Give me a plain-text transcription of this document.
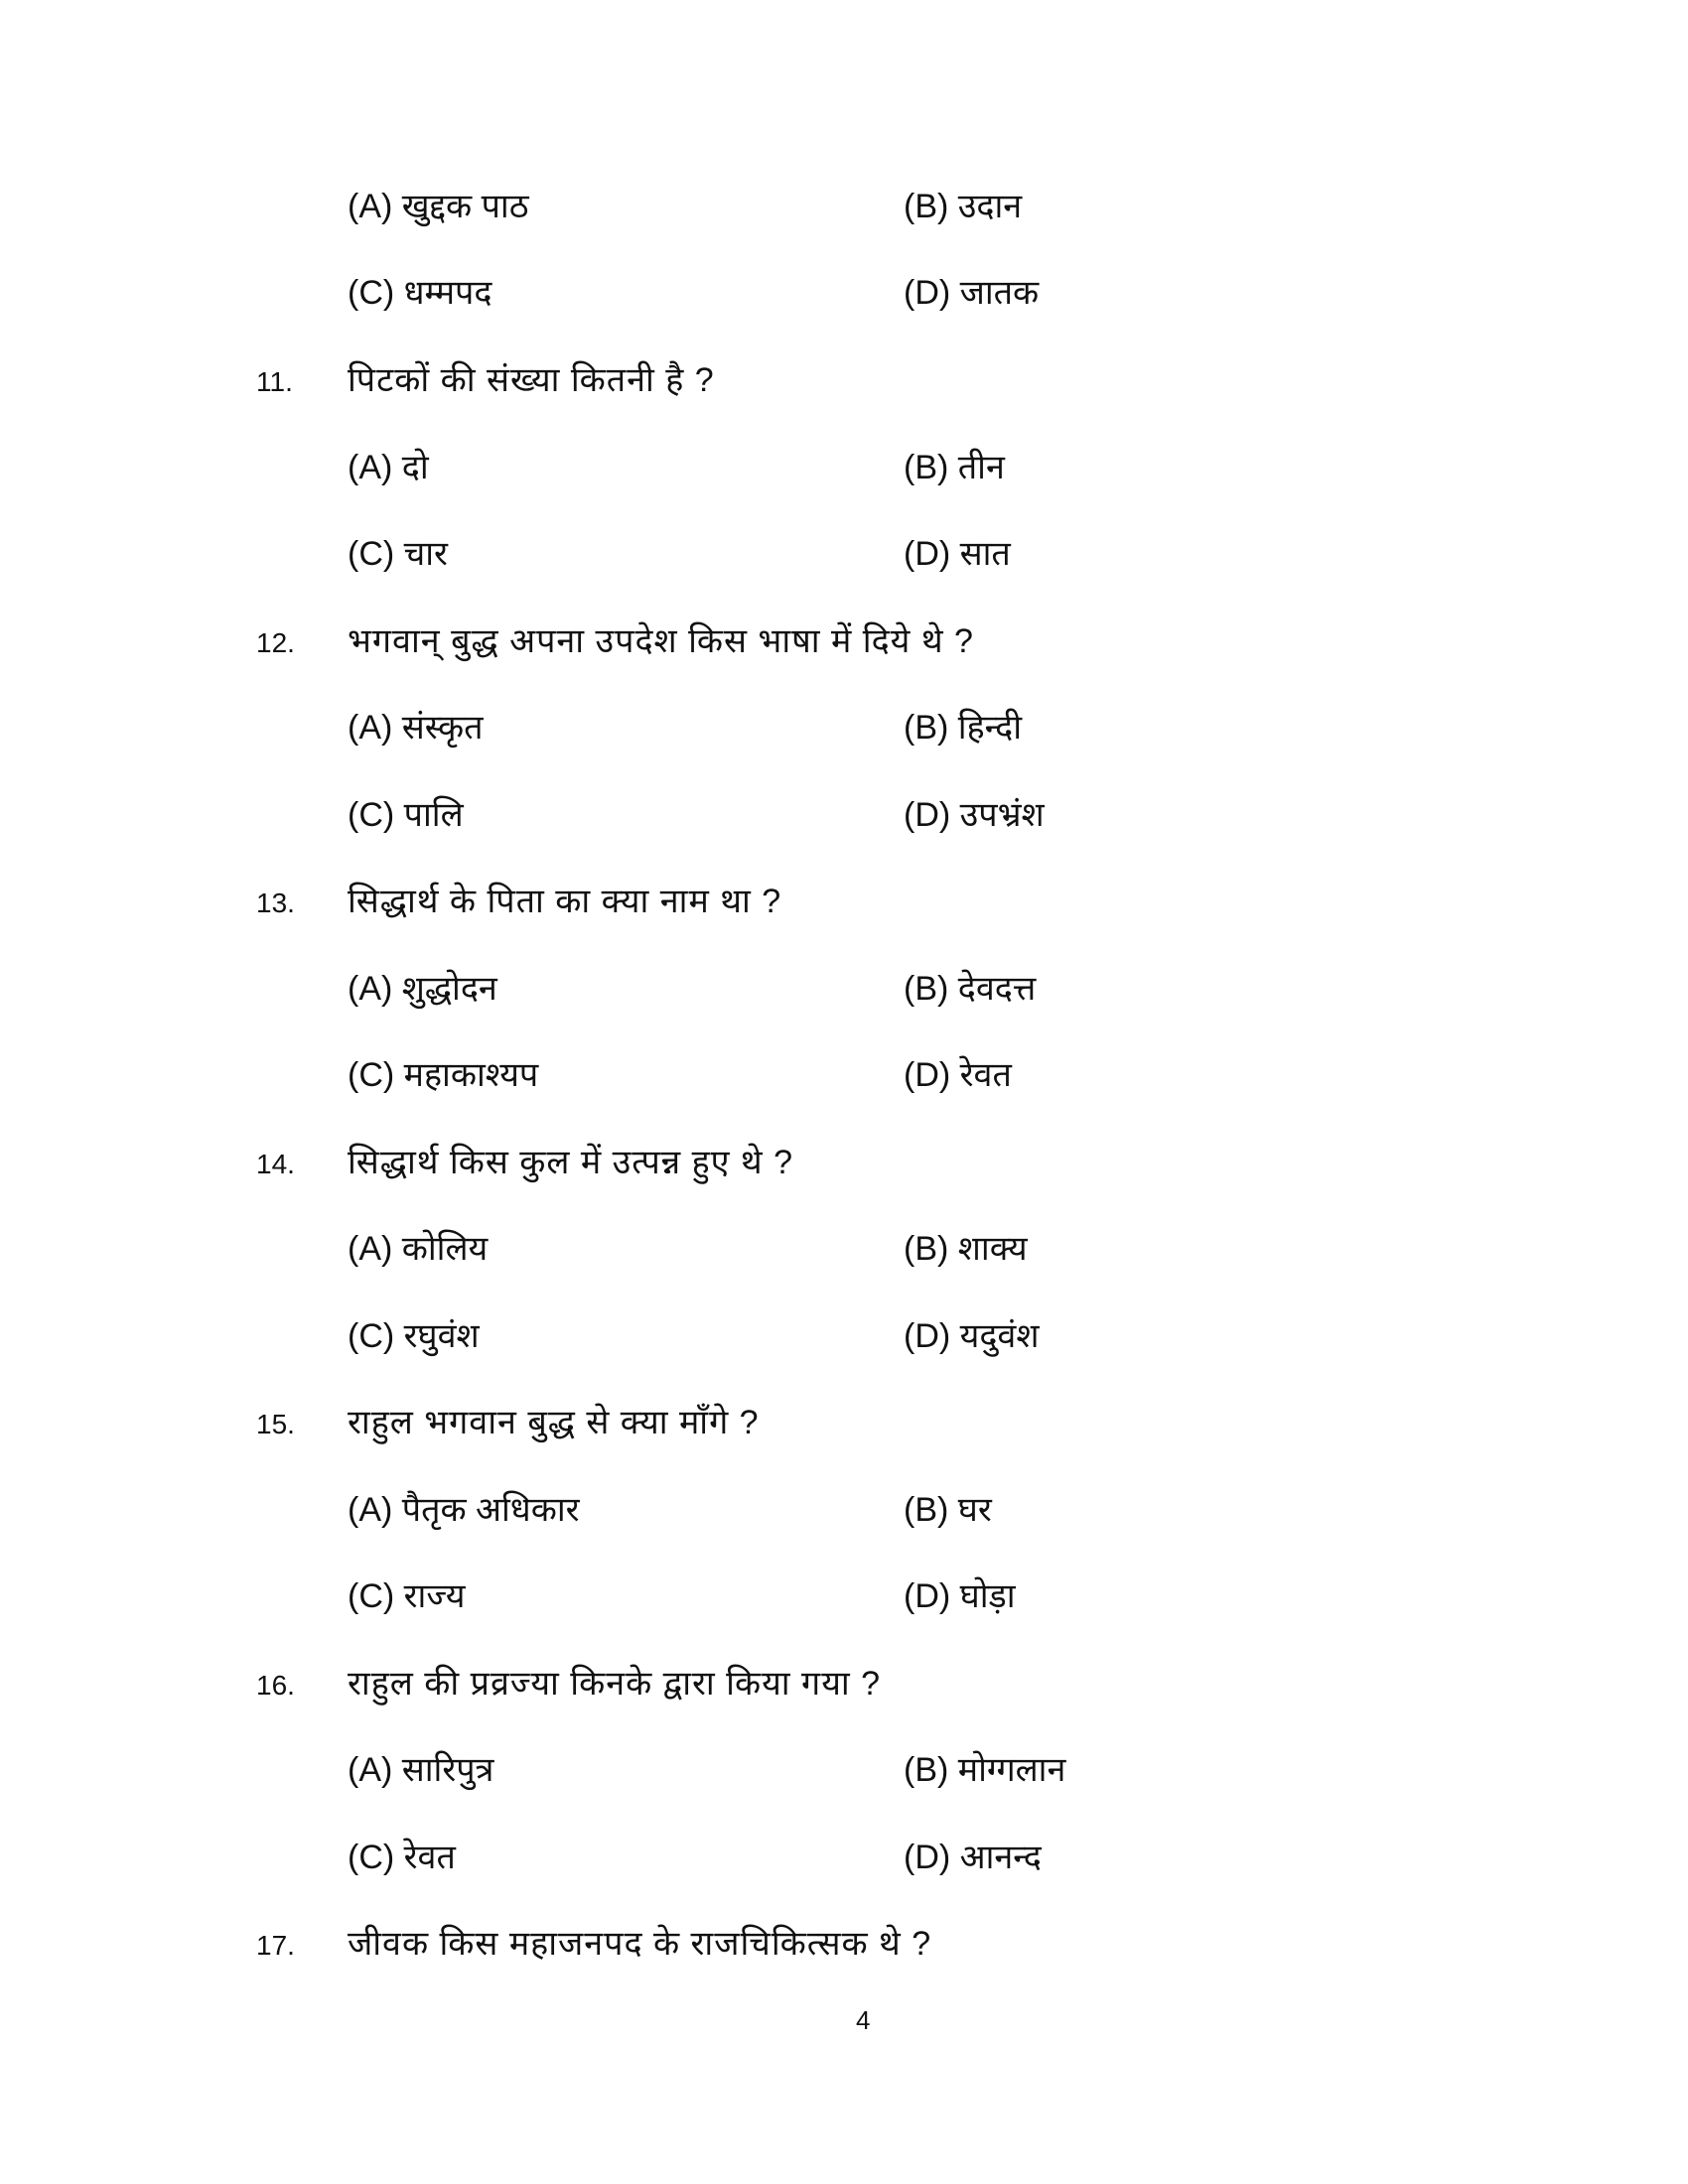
(A) खुद्दक पाठ	(B) उदान
(C) धम्मपद	(D) जातक
11. पिटकों की संख्या कितनी है ?
(A) दो	(B) तीन
(C) चार	(D) सात
12. भगवान् बुद्ध अपना उपदेश किस भाषा में दिये थे ?
(A) संस्कृत	(B) हिन्दी
(C) पालि	(D) उपभ्रंश
13. सिद्धार्थ के पिता का क्या नाम था ?
(A) शुद्धोदन	(B) देवदत्त
(C) महाकाश्यप	(D) रेवत
14. सिद्धार्थ किस कुल में उत्पन्न हुए थे ?
(A) कोलिय	(B) शाक्य
(C) रघुवंश	(D) यदुवंश
15. राहुल भगवान बुद्ध से क्या माँगे ?
(A) पैतृक अधिकार	(B) घर
(C) राज्य	(D) घोड़ा
16. राहुल की प्रव्रज्या किनके द्वारा किया गया ?
(A) सारिपुत्र	(B) मोग्गलान
(C) रेवत	(D) आनन्द
17. जीवक किस महाजनपद के राजचिकित्सक थे ?
4
